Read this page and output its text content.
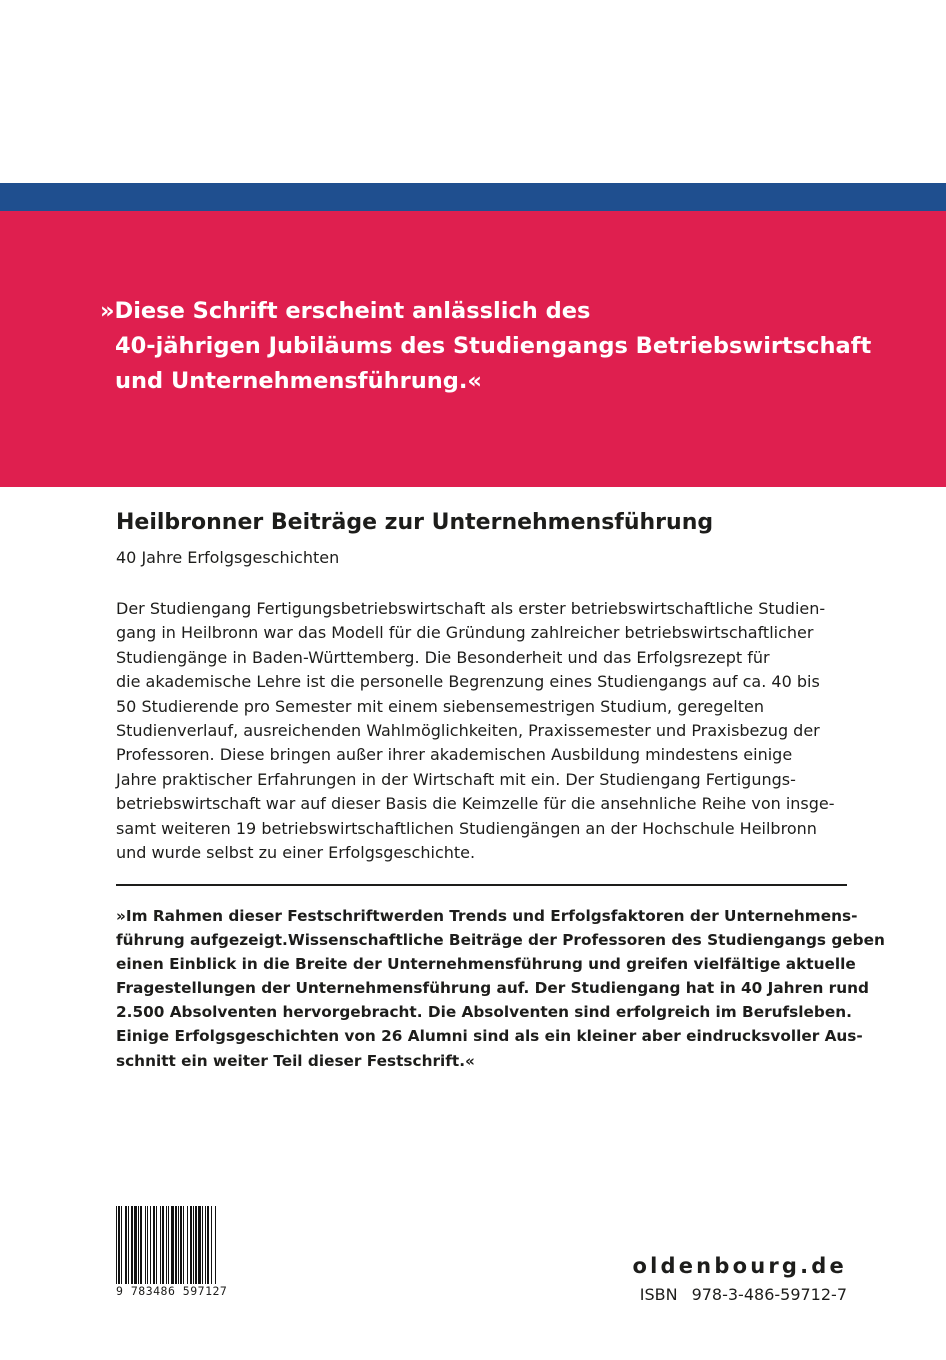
»Diese Schrift erscheint anlässlich des
40-jährigen Jubiläums des Studiengangs Betriebswirtschaft
und Unternehmensführung.«

Heilbronner Beiträge zur Unternehmensführung

40 Jahre Erfolgsgeschichten

Der Studiengang Fertigungsbetriebswirtschaft als erster betriebswirtschaftliche Studien-
gang in Heilbronn war das Modell für die Gründung zahlreicher betriebswirtschaftlicher
Studiengänge in Baden-Württemberg. Die Besonderheit und das Erfolgsrezept für
die akademische Lehre ist die personelle Begrenzung eines Studiengangs auf ca. 40 bis
50 Studierende pro Semester mit einem siebensemestrigen Studium, geregelten
Studienverlauf, ausreichenden Wahlmöglichkeiten, Praxissemester und Praxisbezug der
Professoren. Diese bringen außer ihrer akademischen Ausbildung mindestens einige
Jahre praktischer Erfahrungen in der Wirtschaft mit ein. Der Studiengang Fertigungs-
betriebswirtschaft war auf dieser Basis die Keimzelle für die ansehnliche Reihe von insge-
samt weiteren 19 betriebswirtschaftlichen Studiengängen an der Hochschule Heilbronn
und wurde selbst zu einer Erfolgsgeschichte.

»Im Rahmen dieser Festschriftwerden Trends und Erfolgsfaktoren der Unternehmens-
führung aufgezeigt.Wissenschaftliche Beiträge der Professoren des Studiengangs geben
einen Einblick in die Breite der Unternehmensführung und greifen vielfältige aktuelle
Fragestellungen der Unternehmensführung auf. Der Studiengang hat in 40 Jahren rund
2.500 Absolventen hervorgebracht. Die Absolventen sind erfolgreich im Berufsleben.
Einige Erfolgsgeschichten von 26 Alumni sind als ein kleiner aber eindrucksvoller Aus-
schnitt ein weiter Teil dieser Festschrift.«

9 783486 597127

oldenbourg.de

ISBN 978-3-486-59712-7
